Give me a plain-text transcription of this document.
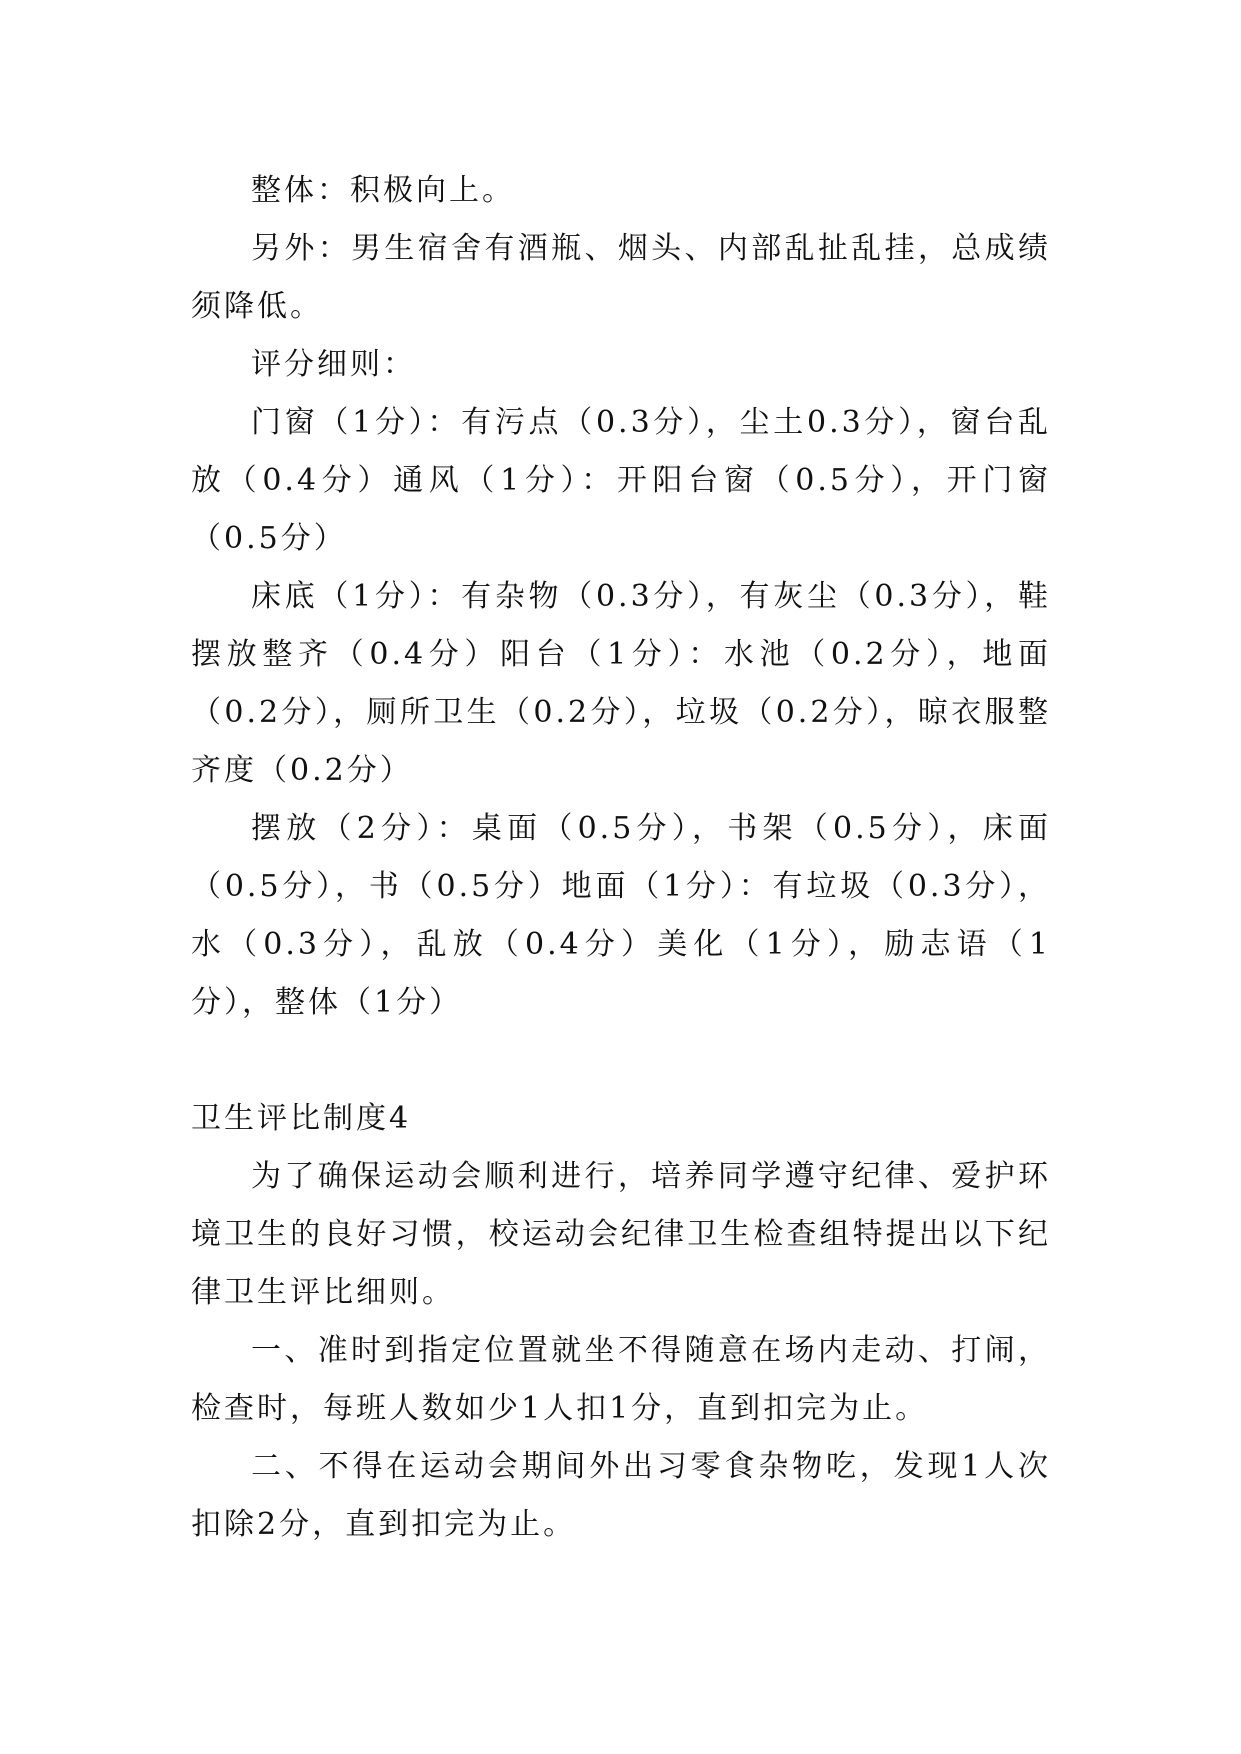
整体：积极向上。

另外：男生宿舍有酒瓶、烟头、内部乱扯乱挂，总成绩须降低。

评分细则：

门窗（1分）：有污点（0.3分），尘土0.3分），窗台乱放（0.4分）通风（1分）：开阳台窗（0.5分），开门窗（0.5分）

床底（1分）：有杂物（0.3分），有灰尘（0.3分），鞋摆放整齐（0.4分）阳台（1分）：水池（0.2分），地面（0.2分），厕所卫生（0.2分），垃圾（0.2分），晾衣服整齐度（0.2分）

摆放（2分）：桌面（0.5分），书架（0.5分），床面（0.5分），书（0.5分）地面（1分）：有垃圾（0.3分），水（0.3分），乱放（0.4分）美化（1分），励志语（1分），整体（1分）

卫生评比制度4

为了确保运动会顺利进行，培养同学遵守纪律、爱护环境卫生的良好习惯，校运动会纪律卫生检查组特提出以下纪律卫生评比细则。

一、准时到指定位置就坐不得随意在场内走动、打闹，检查时，每班人数如少1人扣1分，直到扣完为止。

二、不得在运动会期间外出习零食杂物吃，发现1人次扣除2分，直到扣完为止。
